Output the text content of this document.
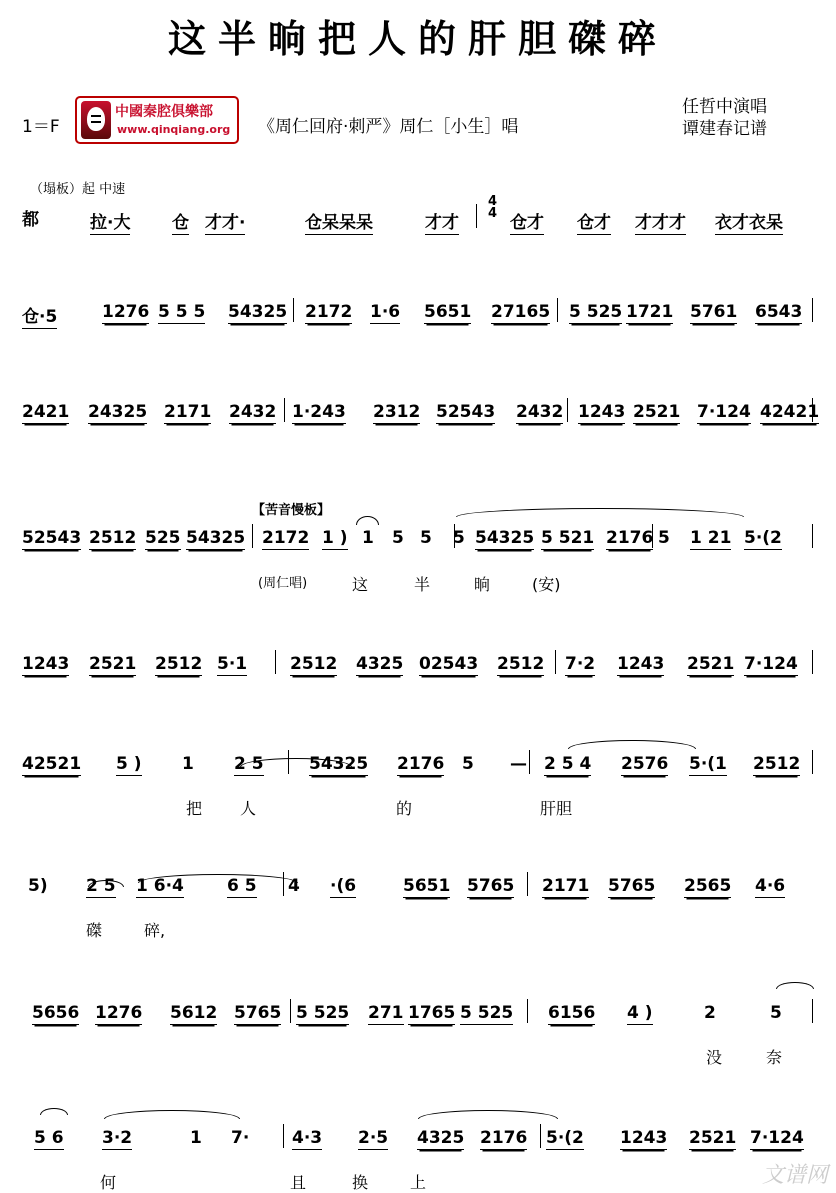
这半晌把人的肝胆磔碎
1＝F
中國秦腔俱樂部
www.qinqiang.org 《周仁回府·刺严》周仁［小生］唱
任哲中演唱
谭建春记谱
（塌板）起 中速
都
4
4
【苦音慢板】
(周仁唱)
拉·大 仓 才才·	仓呆呆呆	才才	仓才 仓才 才才才 衣才衣呆
仓·5	1276 5 5 5 54325 2172 1·6 5651 27165 5 525 1721 5761 6543
2421 24325 2171 2432 1·243 2312 52543 2432 1243 2521 7·124 42421
52543 2512 525 54325 2172 1 ) 1 5 5 5 54325 5 521 2176 5 1 21 5·(2
1243 2521 2512 5·1	2512 4325 02543 2512 7·2 1243 2521 7·124
42521 5 ) 1 2 5	54325 2176 5 — 2 5 4 2576 5·(1 2512
5) 2 5 1 6·4	6 5 4 ·(6	5651 5765 2171 5765 2565 4·6
5656 1276 5612 5765 5 525 271 1765 5 525 6156 4 )	2	5
5 6 3·2	1 7·	4·3 2·5 4325 2176 5·(2 1243 2521 7·124
这	半	晌	(安)
把 人	的	肝胆
磔	碎,
没	奈
何	且	换	上	文谱网
